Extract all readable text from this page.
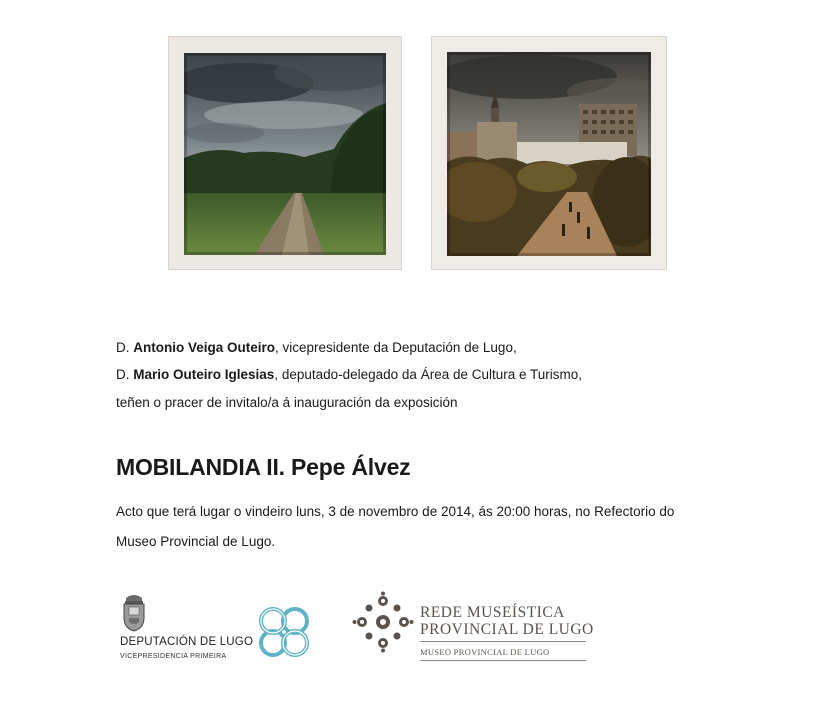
D. Antonio Veiga Outeiro, vicepresidente da Deputación de Lugo,
D. Mario Outeiro Iglesias, deputado-delegado da Área de Cultura e Turismo,
teñen o pracer de invitalo/a á inauguración da exposición
MOBILANDIA II. Pepe Álvez
Acto que terá lugar o vindeiro luns, 3 de novembro de 2014, ás 20:00 horas, no Refectorio do
Museo Provincial de Lugo.
DEPUTACIÓN DE LUGO
VICEPRESIDENCIA PRIMEIRA
REDE MUSEÍSTICA
PROVINCIAL DE LUGO
MUSEO PROVINCIAL DE LUGO
